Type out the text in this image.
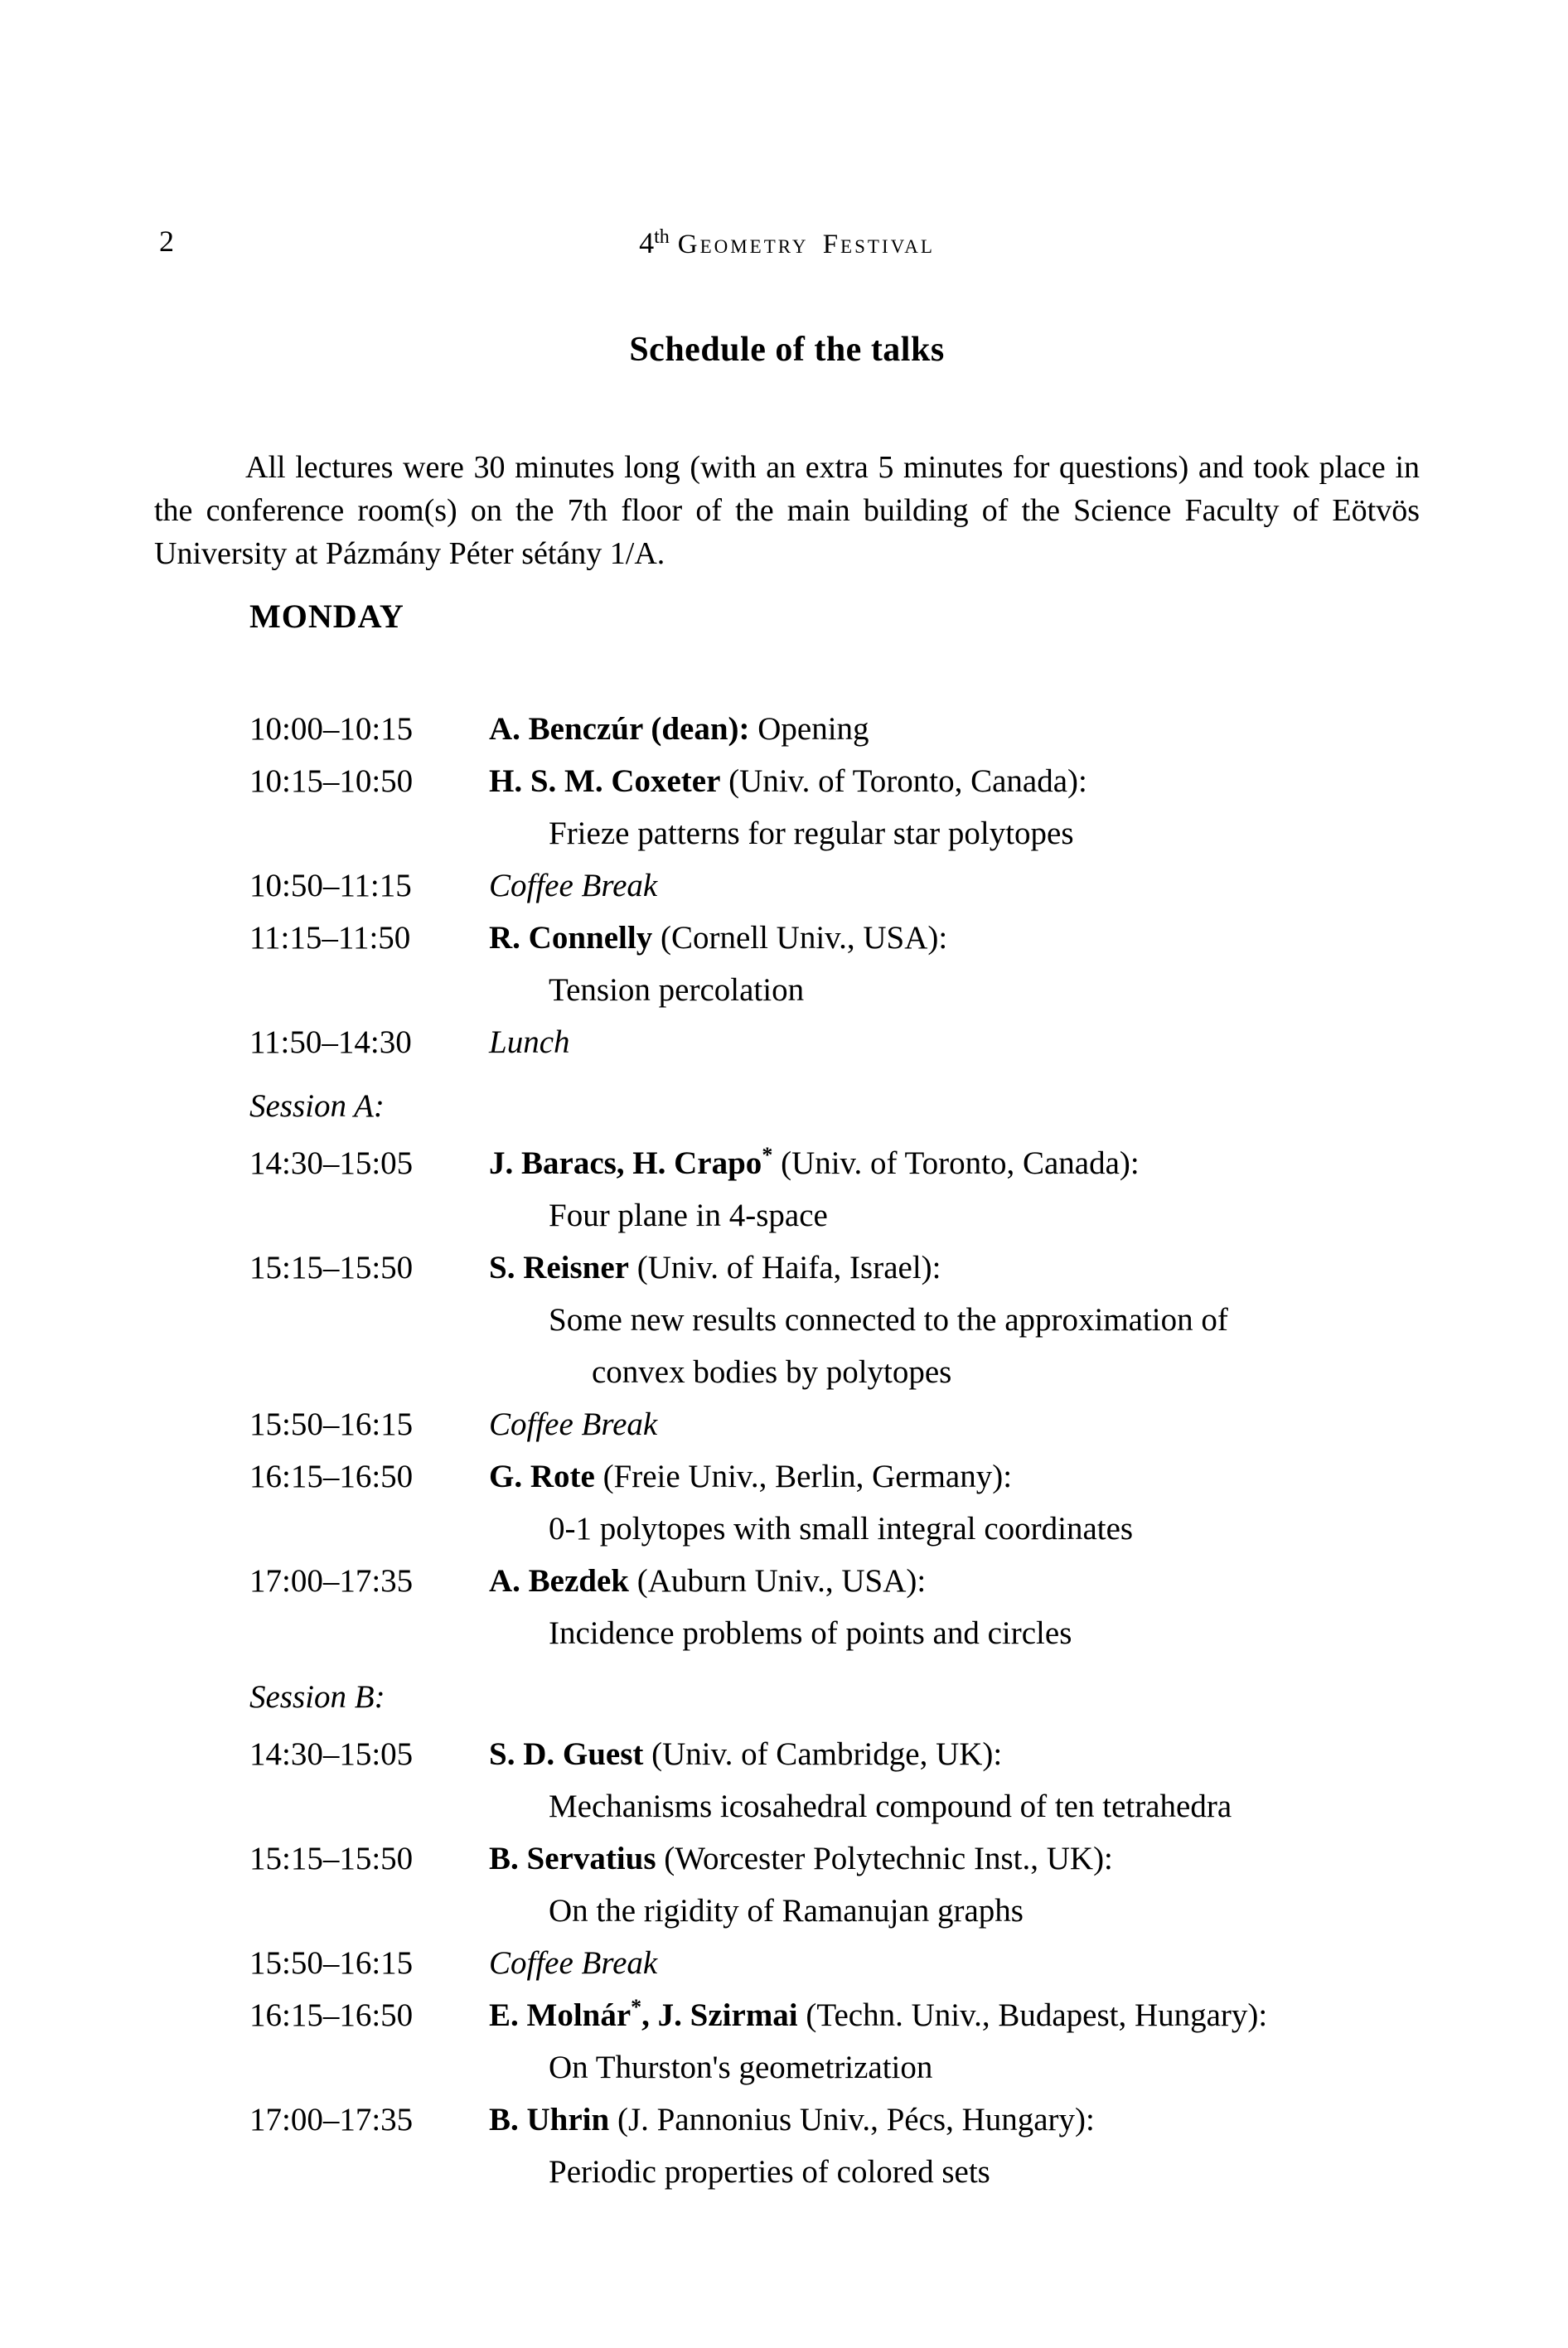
2	4th Geometry Festival
Schedule of the talks

All lectures were 30 minutes long (with an extra 5 minutes for questions) and took place in the conference room(s) on the 7th floor of the main building of the Science Faculty of Eötvös University at Pázmány Péter sétány 1/A.

MONDAY
10:00–10:15	A. Benczúr (dean): Opening
10:15–10:50	H. S. M. Coxeter (Univ. of Toronto, Canada):
Frieze patterns for regular star polytopes
10:50–11:15	Coffee Break
11:15–11:50	R. Connelly (Cornell Univ., USA):
Tension percolation
11:50–14:30	Lunch
Session A:
14:30–15:05	J. Baracs, H. Crapo* (Univ. of Toronto, Canada):
Four plane in 4-space
15:15–15:50	S. Reisner (Univ. of Haifa, Israel):
Some new results connected to the approximation of
convex bodies by polytopes
15:50–16:15	Coffee Break
16:15–16:50	G. Rote (Freie Univ., Berlin, Germany):
0-1 polytopes with small integral coordinates
17:00–17:35	A. Bezdek (Auburn Univ., USA):
Incidence problems of points and circles
Session B:
14:30–15:05	S. D. Guest (Univ. of Cambridge, UK):
Mechanisms icosahedral compound of ten tetrahedra
15:15–15:50	B. Servatius (Worcester Polytechnic Inst., UK):
On the rigidity of Ramanujan graphs
15:50–16:15	Coffee Break
16:15–16:50	E. Molnár*, J. Szirmai (Techn. Univ., Budapest, Hungary):
On Thurston's geometrization
17:00–17:35	B. Uhrin (J. Pannonius Univ., Pécs, Hungary):
Periodic properties of colored sets
